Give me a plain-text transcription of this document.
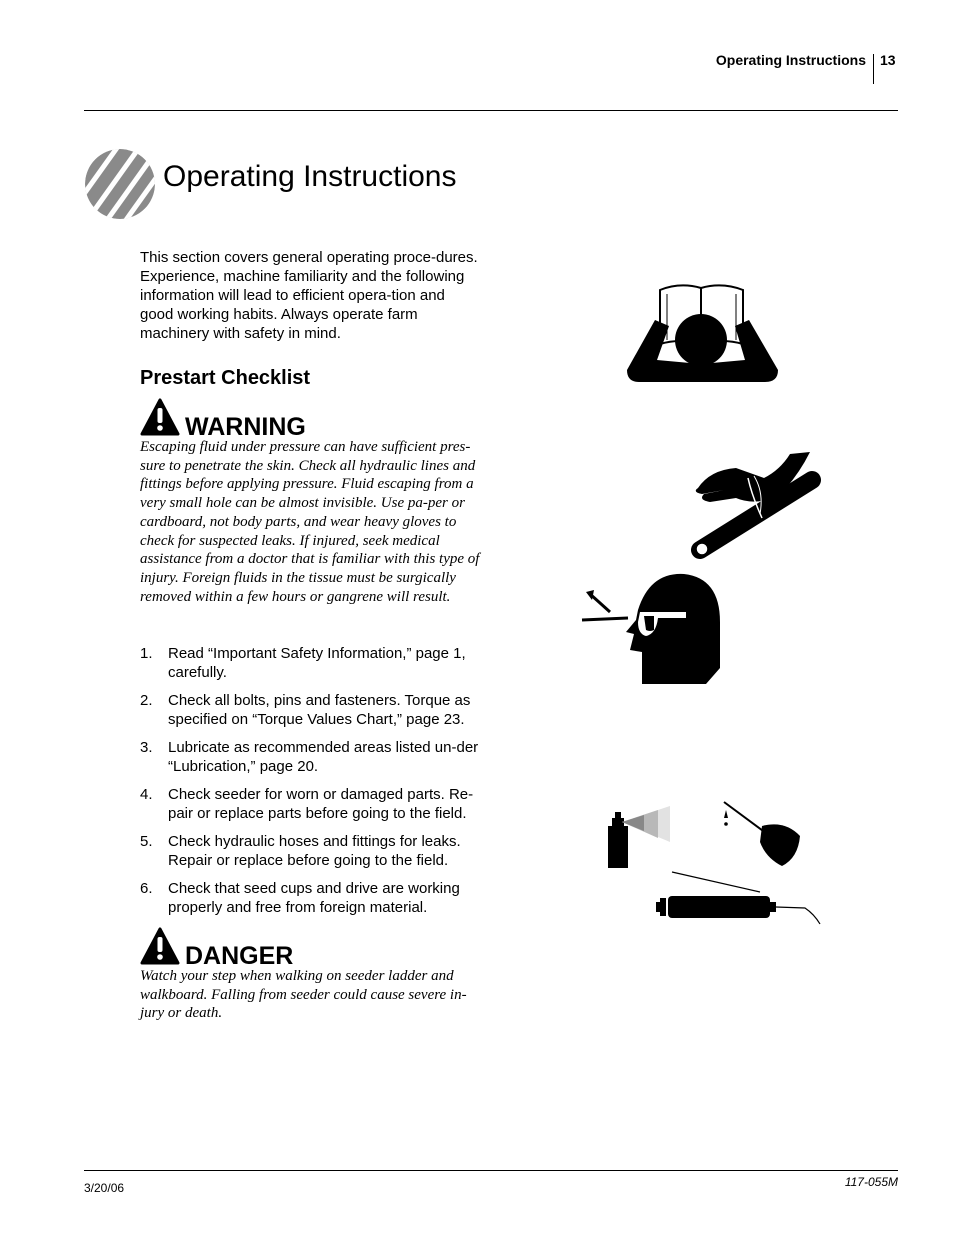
Operating Instructions 13
Operating Instructions
This section covers general operating proce-dures. Experience, machine familiarity and the following information will lead to efficient opera-tion and good working habits. Always operate farm machinery with safety in mind.
Prestart Checklist
WARNING
Escaping fluid under pressure can have sufficient pres-sure to penetrate the skin. Check all hydraulic lines and fittings before applying pressure. Fluid escaping from a very small hole can be almost invisible. Use pa-per or cardboard, not body parts, and wear heavy gloves to check for suspected leaks. If injured, seek medical assistance from a doctor that is familiar with this type of injury. Foreign fluids in the tissue must be surgically removed within a few hours or gangrene will result.
1.	Read “Important Safety Information,” page 1, carefully.
2.	Check all bolts, pins and fasteners. Torque as specified on “Torque Values Chart,” page 23.
3.	Lubricate as recommended areas listed un-der “Lubrication,” page 20.
4.	Check seeder for worn or damaged parts. Re-pair or replace parts before going to the field.
5.	Check hydraulic hoses and fittings for leaks. Repair or replace before going to the field.
6.	Check that seed cups and drive are working properly and free from foreign material.
DANGER
Watch your step when walking on seeder ladder and walkboard. Falling from seeder could cause severe in-jury or death.
3/20/06	117-055M
